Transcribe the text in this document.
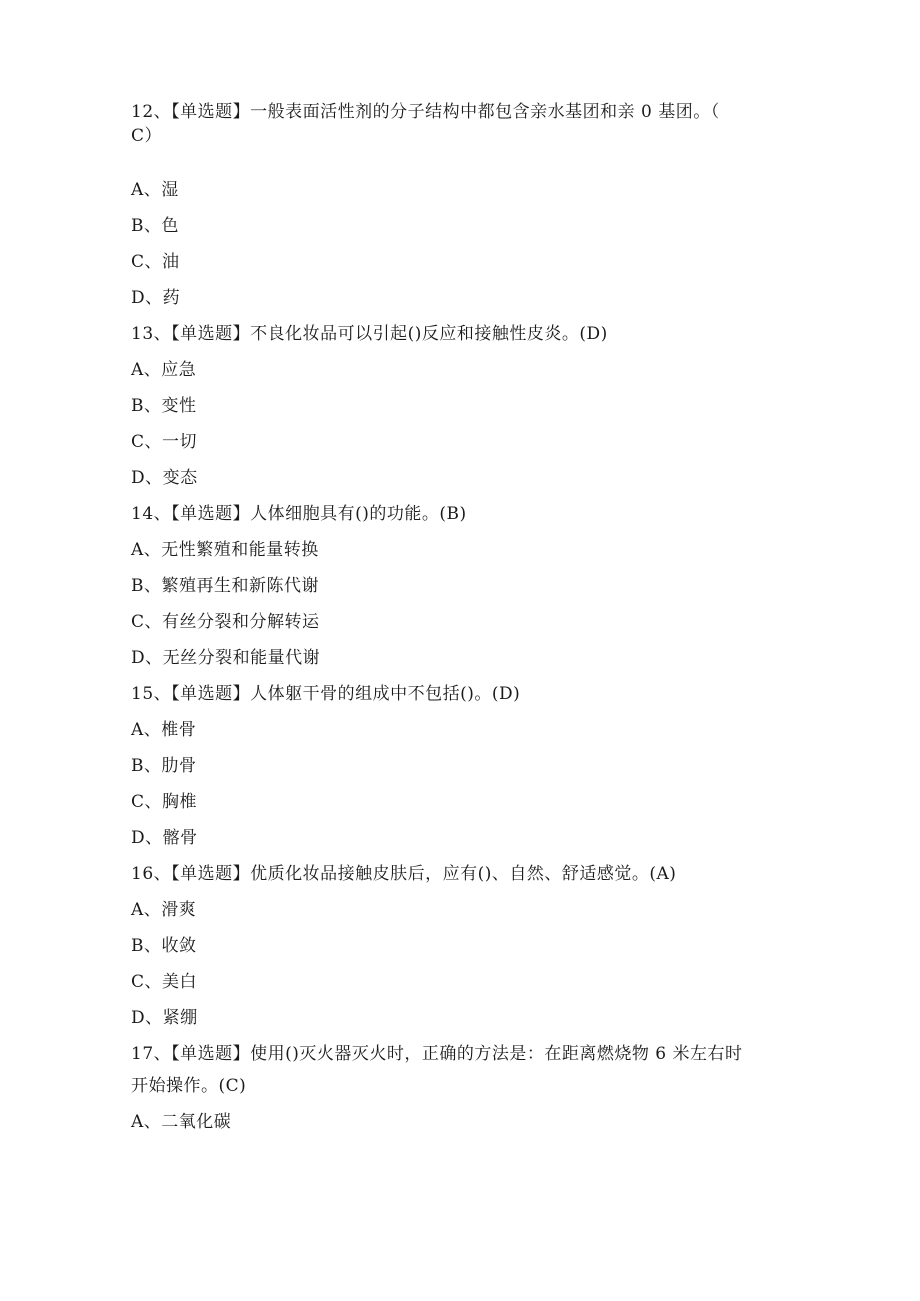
12、【单选题】一般表面活性剂的分子结构中都包含亲水基团和亲 0 基团。（
C）
A、湿
B、色
C、油
D、药
13、【单选题】不良化妆品可以引起()反应和接触性皮炎。(D)
A、应急
B、变性
C、一切
D、变态
14、【单选题】人体细胞具有()的功能。(B)
A、无性繁殖和能量转换
B、繁殖再生和新陈代谢
C、有丝分裂和分解转运
D、无丝分裂和能量代谢
15、【单选题】人体躯干骨的组成中不包括()。(D)
A、椎骨
B、肋骨
C、胸椎
D、髂骨
16、【单选题】优质化妆品接触皮肤后，应有()、自然、舒适感觉。(A)
A、滑爽
B、收敛
C、美白
D、紧绷
17、【单选题】使用()灭火器灭火时，正确的方法是：在距离燃烧物 6 米左右时
开始操作。(C)
A、二氧化碳
